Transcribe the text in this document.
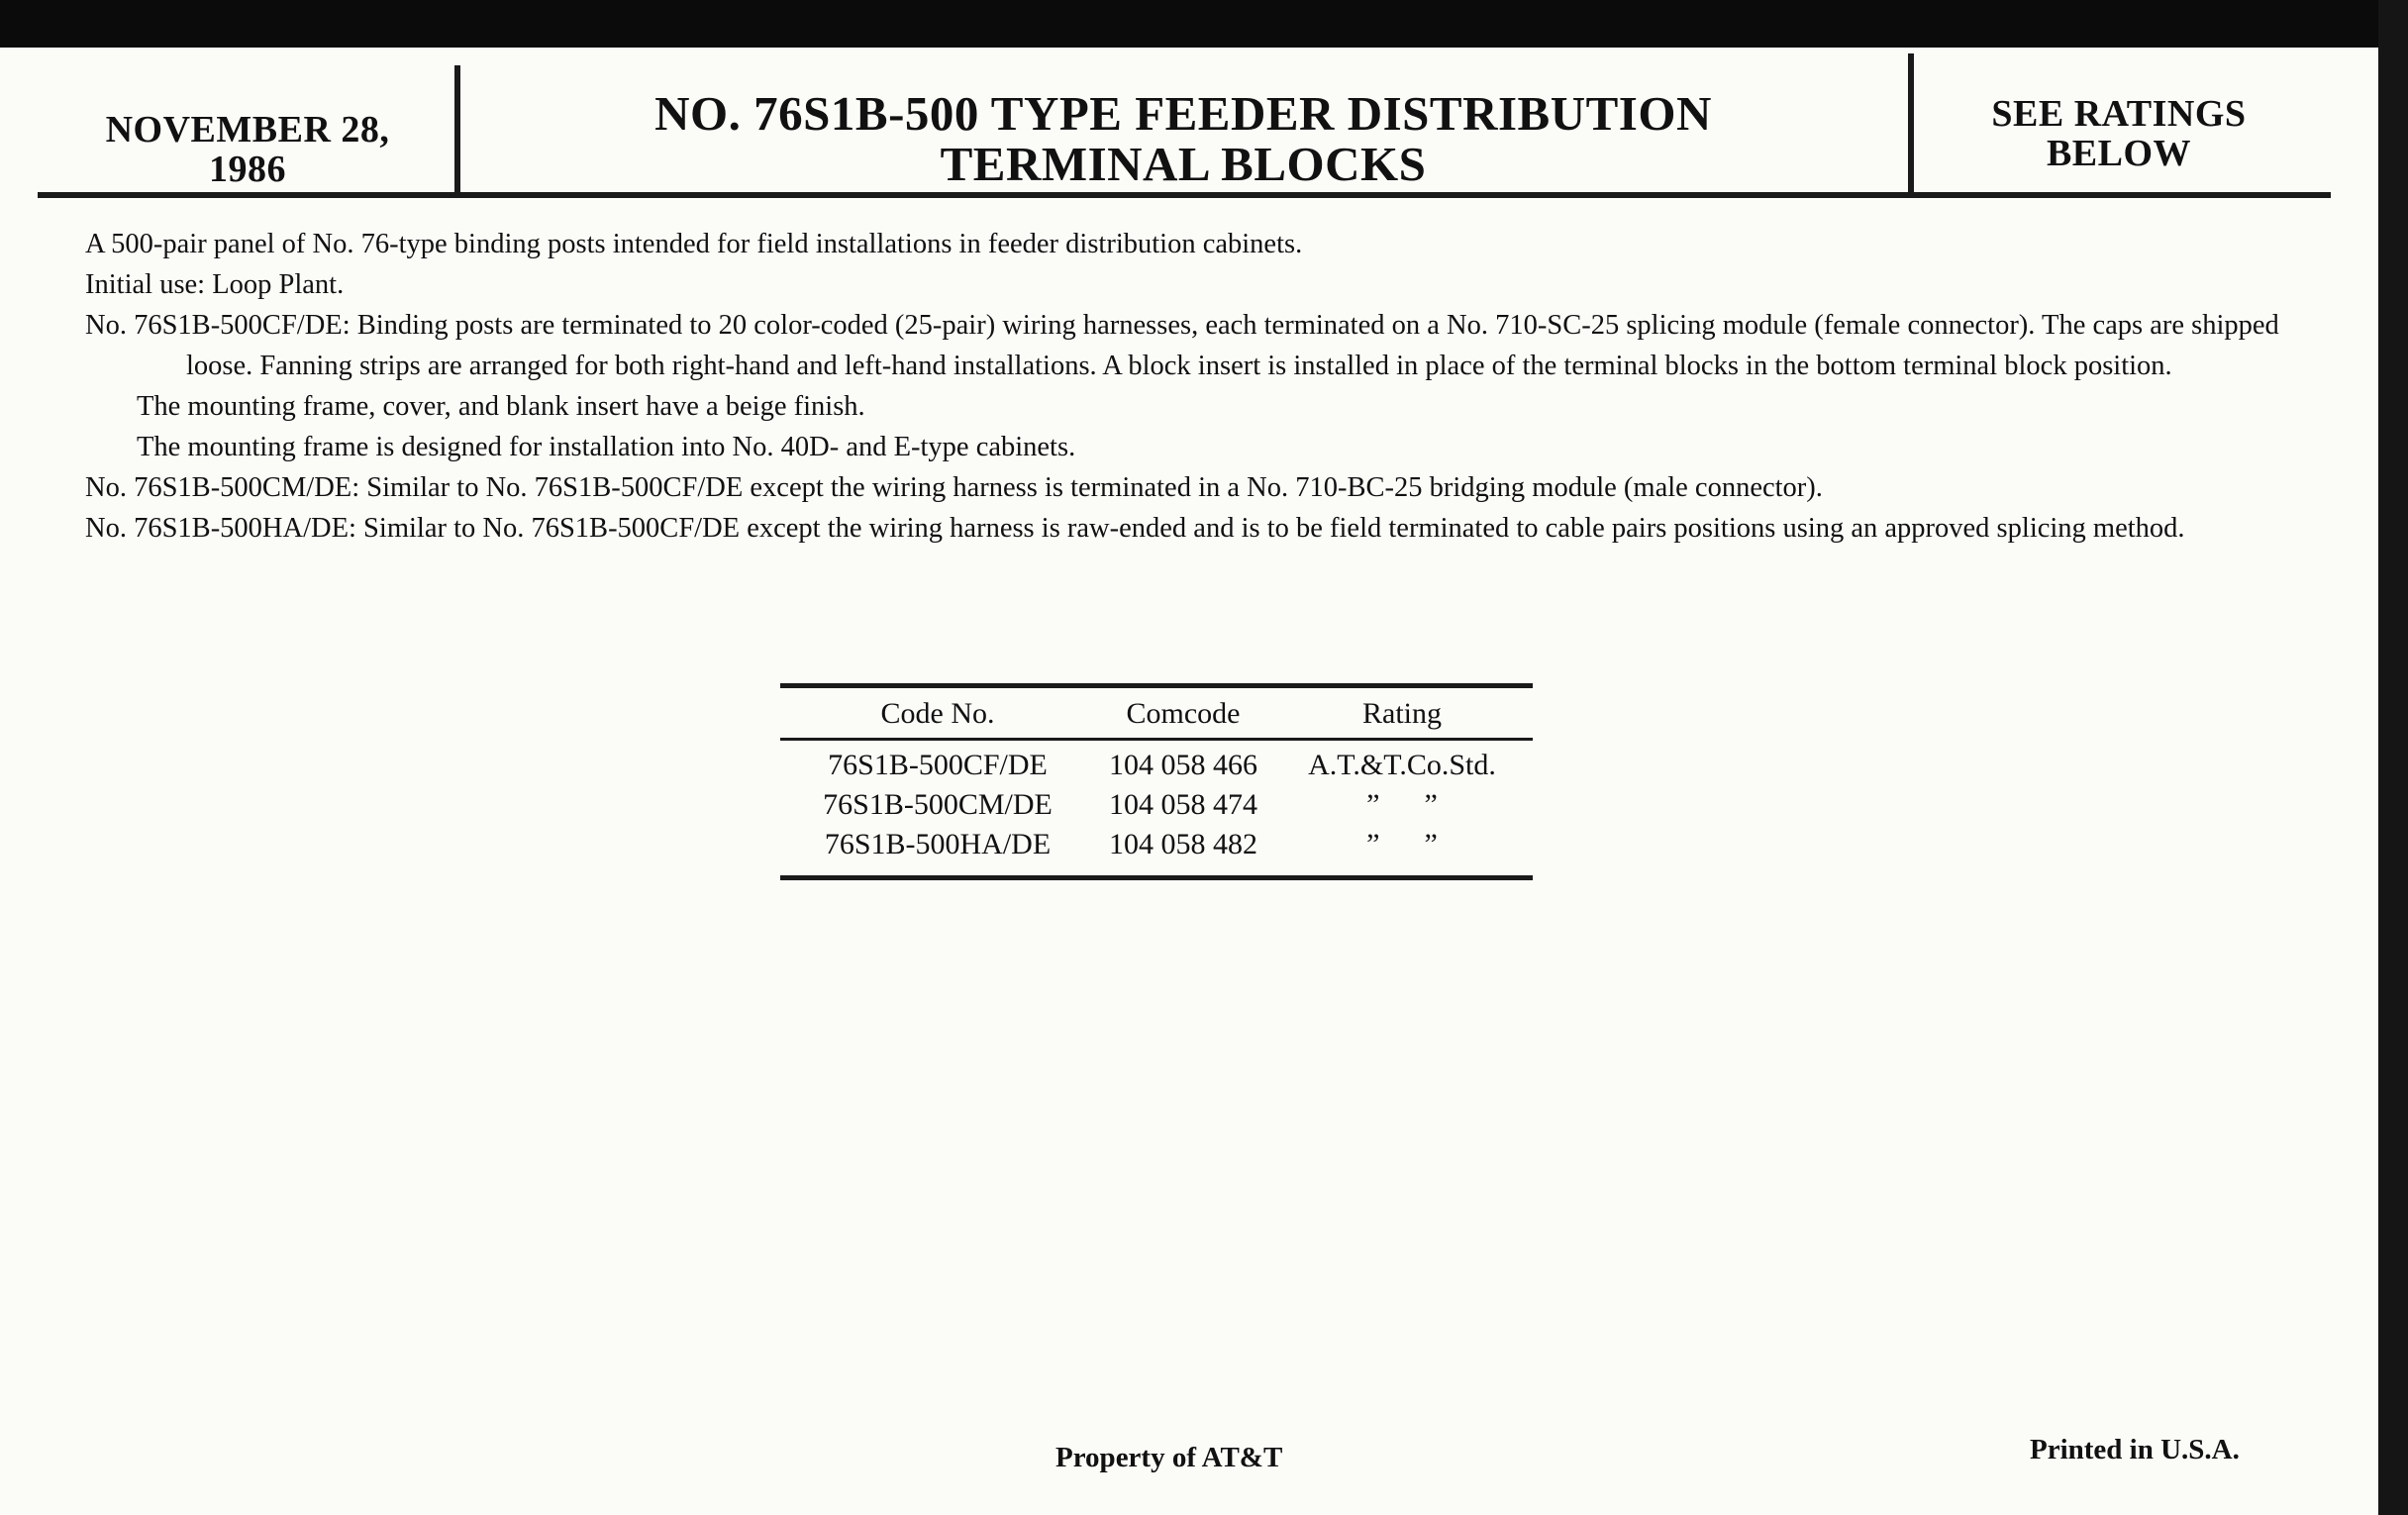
NOVEMBER 28,
1986
NO. 76S1B-500 TYPE FEEDER DISTRIBUTION
TERMINAL BLOCKS
SEE RATINGS
BELOW

A 500-pair panel of No. 76-type binding posts intended for field installations in feeder distribution cabinets.

Initial use: Loop Plant.

No. 76S1B-500CF/DE: Binding posts are terminated to 20 color-coded (25-pair) wiring harnesses, each terminated on a No. 710-SC-25 splicing module (female connector). The caps are shipped loose. Fanning strips are arranged for both right-hand and left-hand installations. A block insert is installed in place of the terminal blocks in the bottom terminal block position.

The mounting frame, cover, and blank insert have a beige finish.

The mounting frame is designed for installation into No. 40D- and E-type cabinets.

No. 76S1B-500CM/DE: Similar to No. 76S1B-500CF/DE except the wiring harness is terminated in a No. 710-BC-25 bridging module (male connector).

No. 76S1B-500HA/DE: Similar to No. 76S1B-500CF/DE except the wiring harness is raw-ended and is to be field terminated to cable pairs positions using an approved splicing method.

Code No.	Comcode	Rating
76S1B-500CF/DE	104 058 466	A.T.&T.Co.Std.
76S1B-500CM/DE	104 058 474	”      ”
76S1B-500HA/DE	104 058 482	”      ”
Property of AT&T	Printed in U.S.A.
